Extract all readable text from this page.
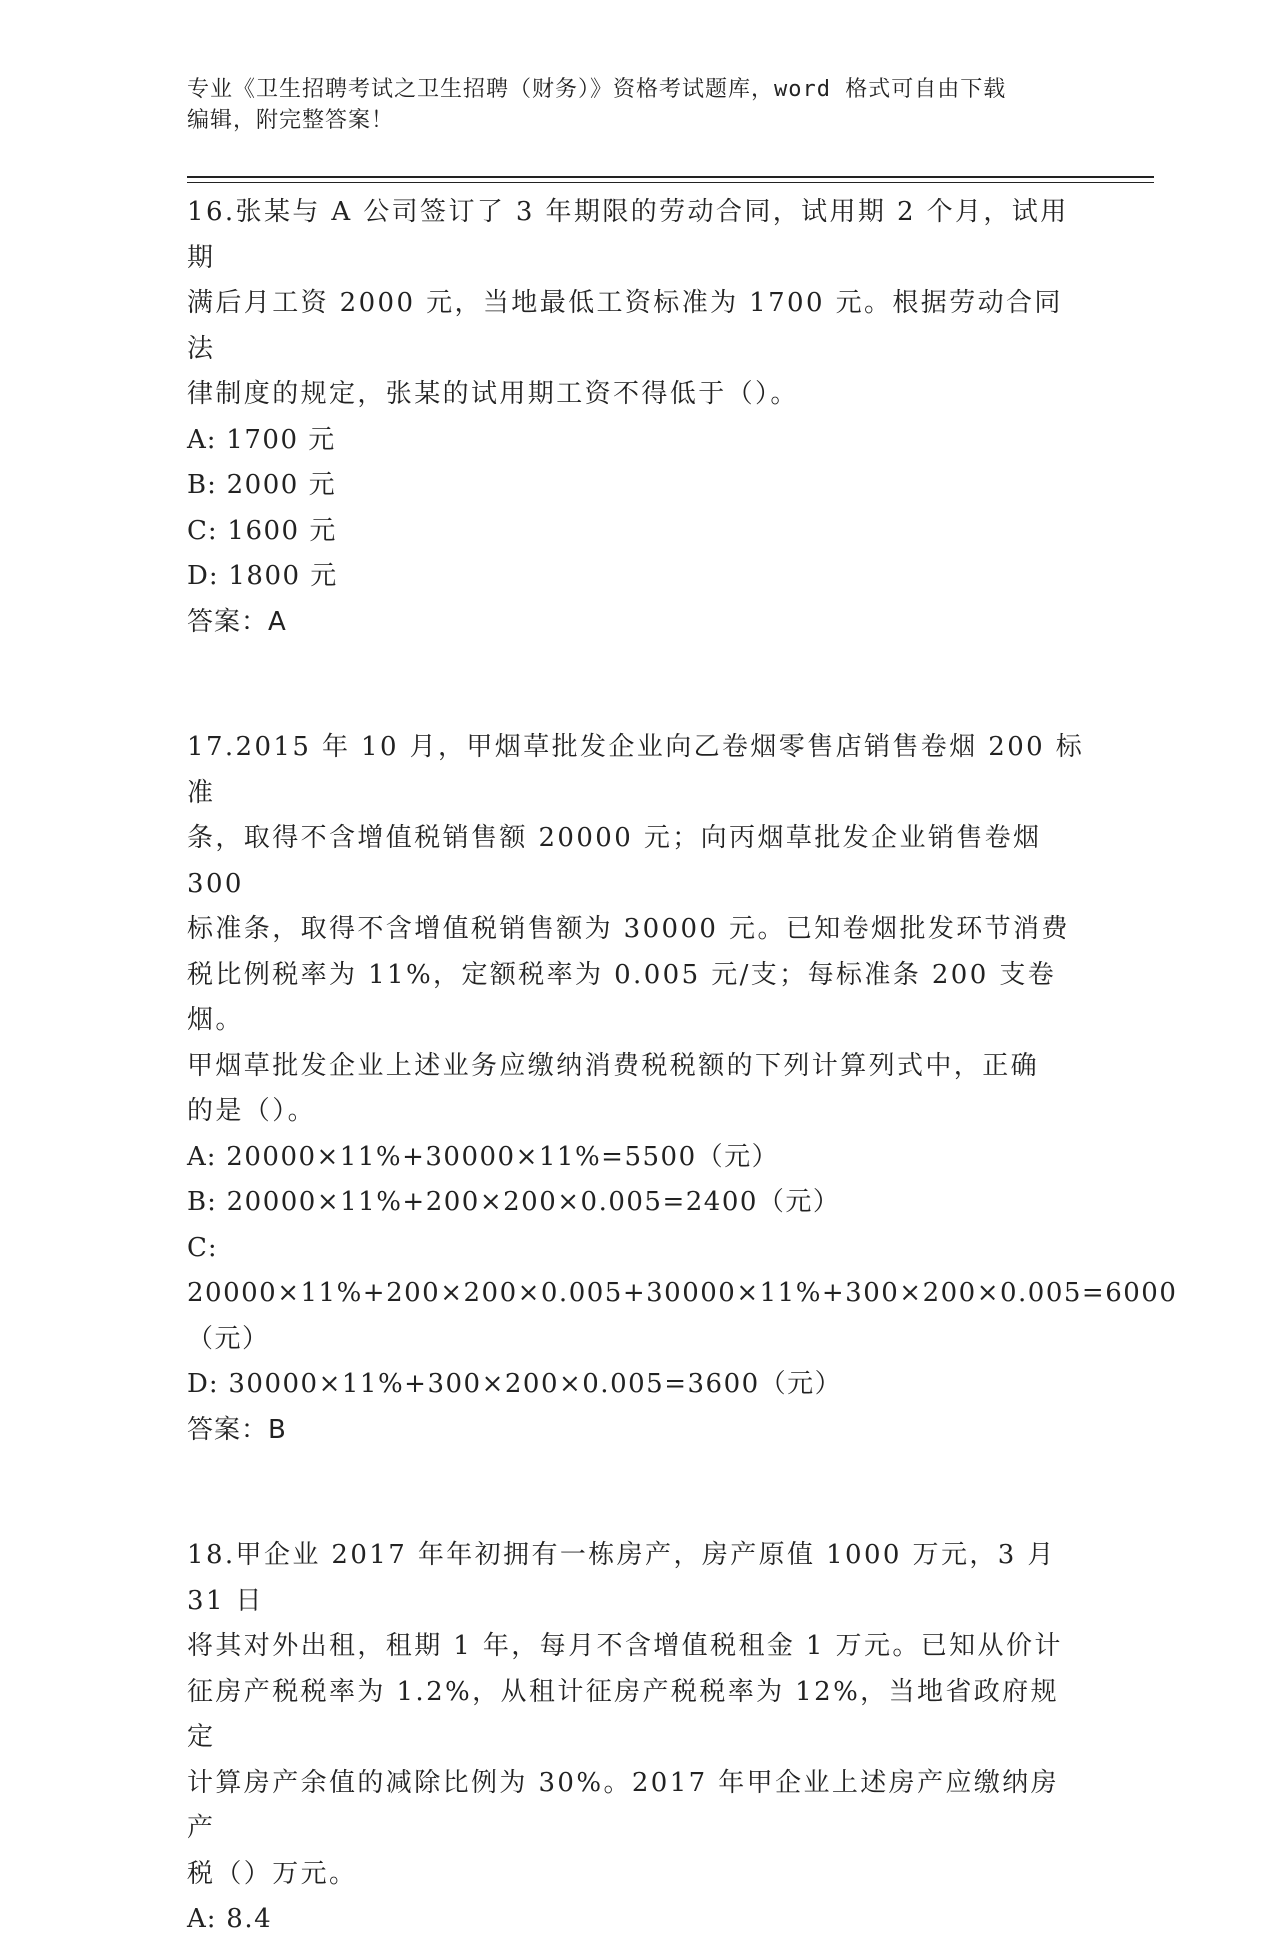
专业《卫生招聘考试之卫生招聘（财务）》资格考试题库，word 格式可自由下载
编辑，附完整答案！

16.张某与 A 公司签订了 3 年期限的劳动合同，试用期 2 个月，试用期

满后月工资 2000 元，当地最低工资标准为 1700 元。根据劳动合同法

律制度的规定，张某的试用期工资不得低于（）。

A: 1700 元

B: 2000 元

C: 1600 元

D: 1800 元

答案：A

17.2015 年 10 月，甲烟草批发企业向乙卷烟零售店销售卷烟 200 标准

条，取得不含增值税销售额 20000 元；向丙烟草批发企业销售卷烟 300

标准条，取得不含增值税销售额为 30000 元。已知卷烟批发环节消费

税比例税率为 11%，定额税率为 0.005 元/支；每标准条 200 支卷烟。

甲烟草批发企业上述业务应缴纳消费税税额的下列计算列式中，正确

的是（）。

A: 20000×11%+30000×11%=5500（元）

B: 20000×11%+200×200×0.005=2400（元）

C: 20000×11%+200×200×0.005+30000×11%+300×200×0.005=6000

（元）

D: 30000×11%+300×200×0.005=3600（元）

答案：B

18.甲企业 2017 年年初拥有一栋房产，房产原值 1000 万元，3 月 31 日

将其对外出租，租期 1 年，每月不含增值税租金 1 万元。已知从价计

征房产税税率为 1.2%，从租计征房产税税率为 12%，当地省政府规定

计算房产余值的减除比例为 30%。2017 年甲企业上述房产应缴纳房产

税（）万元。

A: 8.4
